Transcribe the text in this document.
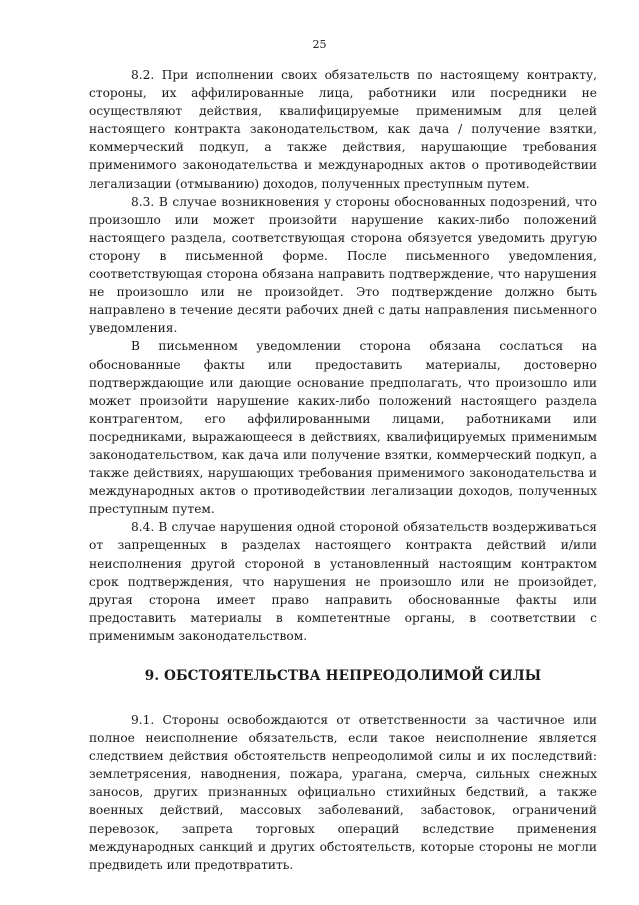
25

8.2. При исполнении своих обязательств по настоящему контракту, стороны, их аффилированные лица, работники или посредники не осуществляют действия, квалифицируемые применимым для целей настоящего контракта законодательством, как дача / получение взятки, коммерческий подкуп, а также действия, нарушающие требования применимого законодательства и международных актов о противодействии легализации (отмыванию) доходов, полученных преступным путем.

8.3. В случае возникновения у стороны обоснованных подозрений, что произошло или может произойти нарушение каких-либо положений настоящего раздела, соответствующая сторона обязуется уведомить другую сторону в письменной форме. После письменного уведомления, соответствующая сторона обязана направить подтверждение, что нарушения не произошло или не произойдет. Это подтверждение должно быть направлено в течение десяти рабочих дней с даты направления письменного уведомления.

В письменном уведомлении сторона обязана сослаться на обоснованные факты или предоставить материалы, достоверно подтверждающие или дающие основание предполагать, что произошло или может произойти нарушение каких-либо положений настоящего раздела контрагентом, его аффилированными лицами, работниками или посредниками, выражающееся в действиях, квалифицируемых применимым законодательством, как дача или получение взятки, коммерческий подкуп, а также действиях, нарушающих требования применимого законодательства и международных актов о противодействии легализации доходов, полученных преступным путем.

8.4. В случае нарушения одной стороной обязательств воздерживаться от запрещенных в разделах настоящего контракта действий и/или неисполнения другой стороной в установленный настоящим контрактом срок подтверждения, что нарушения не произошло или не произойдет, другая сторона имеет право направить обоснованные факты или предоставить материалы в компетентные органы, в соответствии с применимым законодательством.

9. ОБСТОЯТЕЛЬСТВА НЕПРЕОДОЛИМОЙ СИЛЫ

9.1. Стороны освобождаются от ответственности за частичное или полное неисполнение обязательств, если такое неисполнение является следствием действия обстоятельств непреодолимой силы и их последствий: землетрясения, наводнения, пожара, урагана, смерча, сильных снежных заносов, других признанных официально стихийных бедствий, а также военных действий, массовых заболеваний, забастовок, ограничений перевозок, запрета торговых операций вследствие применения международных санкций и других обстоятельств, которые стороны не могли предвидеть или предотвратить.
